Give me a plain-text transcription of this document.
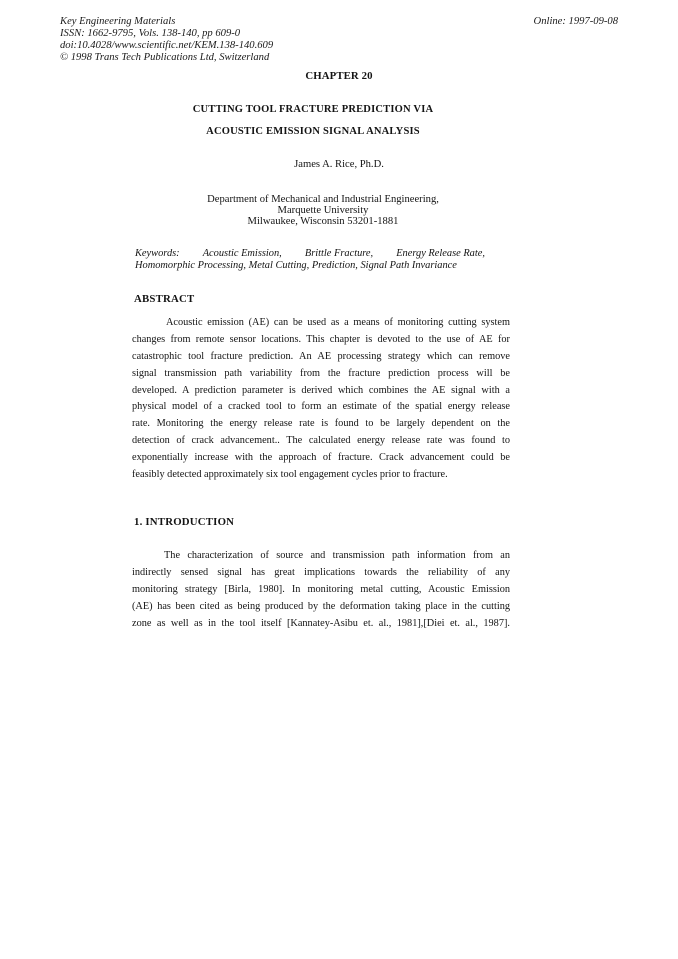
Key Engineering Materials
ISSN: 1662-9795, Vols. 138-140, pp 609-0
doi:10.4028/www.scientific.net/KEM.138-140.609
© 1998 Trans Tech Publications Ltd, Switzerland
Online: 1997-09-08
CHAPTER 20
CUTTING TOOL FRACTURE PREDICTION VIA
ACOUSTIC EMISSION SIGNAL ANALYSIS
James A. Rice, Ph.D.
Department of Mechanical and Industrial Engineering,
Marquette University
Milwaukee, Wisconsin 53201-1881
Keywords: Acoustic Emission, Brittle Fracture, Energy Release Rate,
Homomorphic Processing, Metal Cutting, Prediction, Signal Path Invariance
ABSTRACT
Acoustic emission (AE) can be used as a means of monitoring cutting system
changes from remote sensor locations. This chapter is devoted to the use of AE for
catastrophic tool fracture prediction. An AE processing strategy which can remove
signal transmission path variability from the fracture prediction process will be
developed. A prediction parameter is derived which combines the AE signal with a
physical model of a cracked tool to form an estimate of the spatial energy release
rate. Monitoring the energy release rate is found to be largely dependent on the
detection of crack advancement.. The calculated energy release rate was found to
exponentially increase with the approach of fracture. Crack advancement could be
feasibly detected approximately six tool engagement cycles prior to fracture.
1. INTRODUCTION
The characterization of source and transmission path information from an
indirectly sensed signal has great implications towards the reliability of any
monitoring strategy [Birla, 1980]. In monitoring metal cutting, Acoustic Emission
(AE) has been cited as being produced by the deformation taking place in the cutting
zone as well as in the tool itself [Kannatey-Asibu et. al., 1981],[Diei et. al., 1987].
